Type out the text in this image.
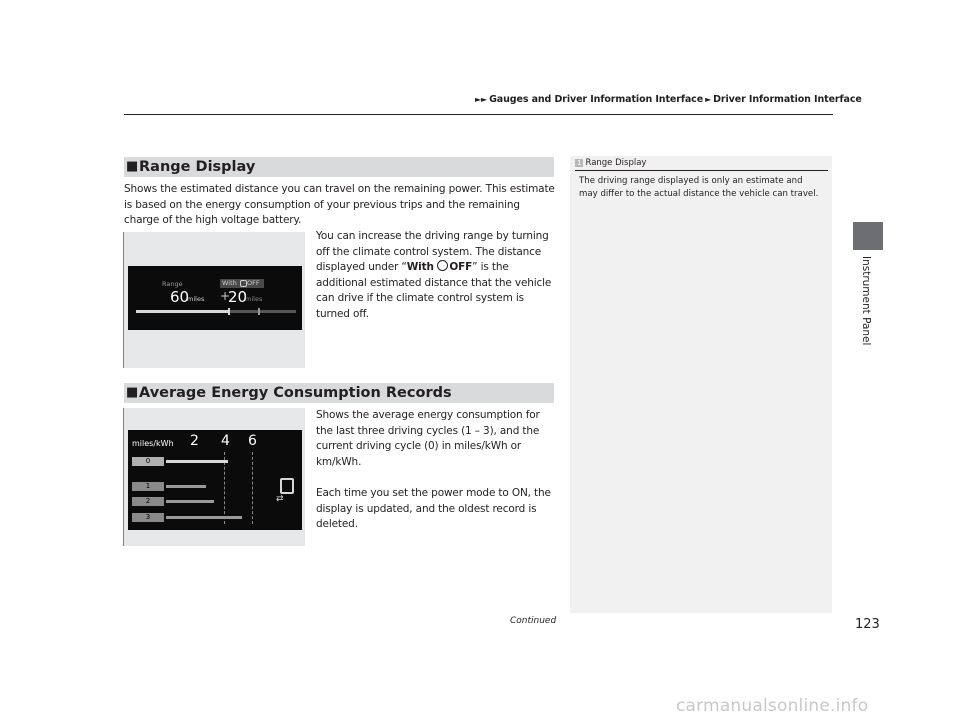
►► Gauges and Driver Information Interface ► Driver Information Interface
Instrument Panel
■ Range Display
Shows the estimated distance you can travel on the remaining power. This estimate is based on the energy consumption of your previous trips and the remaining charge of the high voltage battery.
Range	With OFF
60
miles +
20
miles
You can increase the driving range by turning off the climate control system. The distance displayed under “With OFF” is the additional estimated distance that the vehicle can drive if the climate control system is turned off.
■ Average Energy Consumption Records
miles/kWh 2 4 6
0
1
2
3
⇄
Shows the average energy consumption for the last three driving cycles (1 – 3), and the current driving cycle (0) in miles/kWh or km/kWh.
Each time you set the power mode to ON, the display is updated, and the oldest record is deleted.
1 Range Display
The driving range displayed is only an estimate and may differ to the actual distance the vehicle can travel.
Continued	123
carmanualsonline.info
